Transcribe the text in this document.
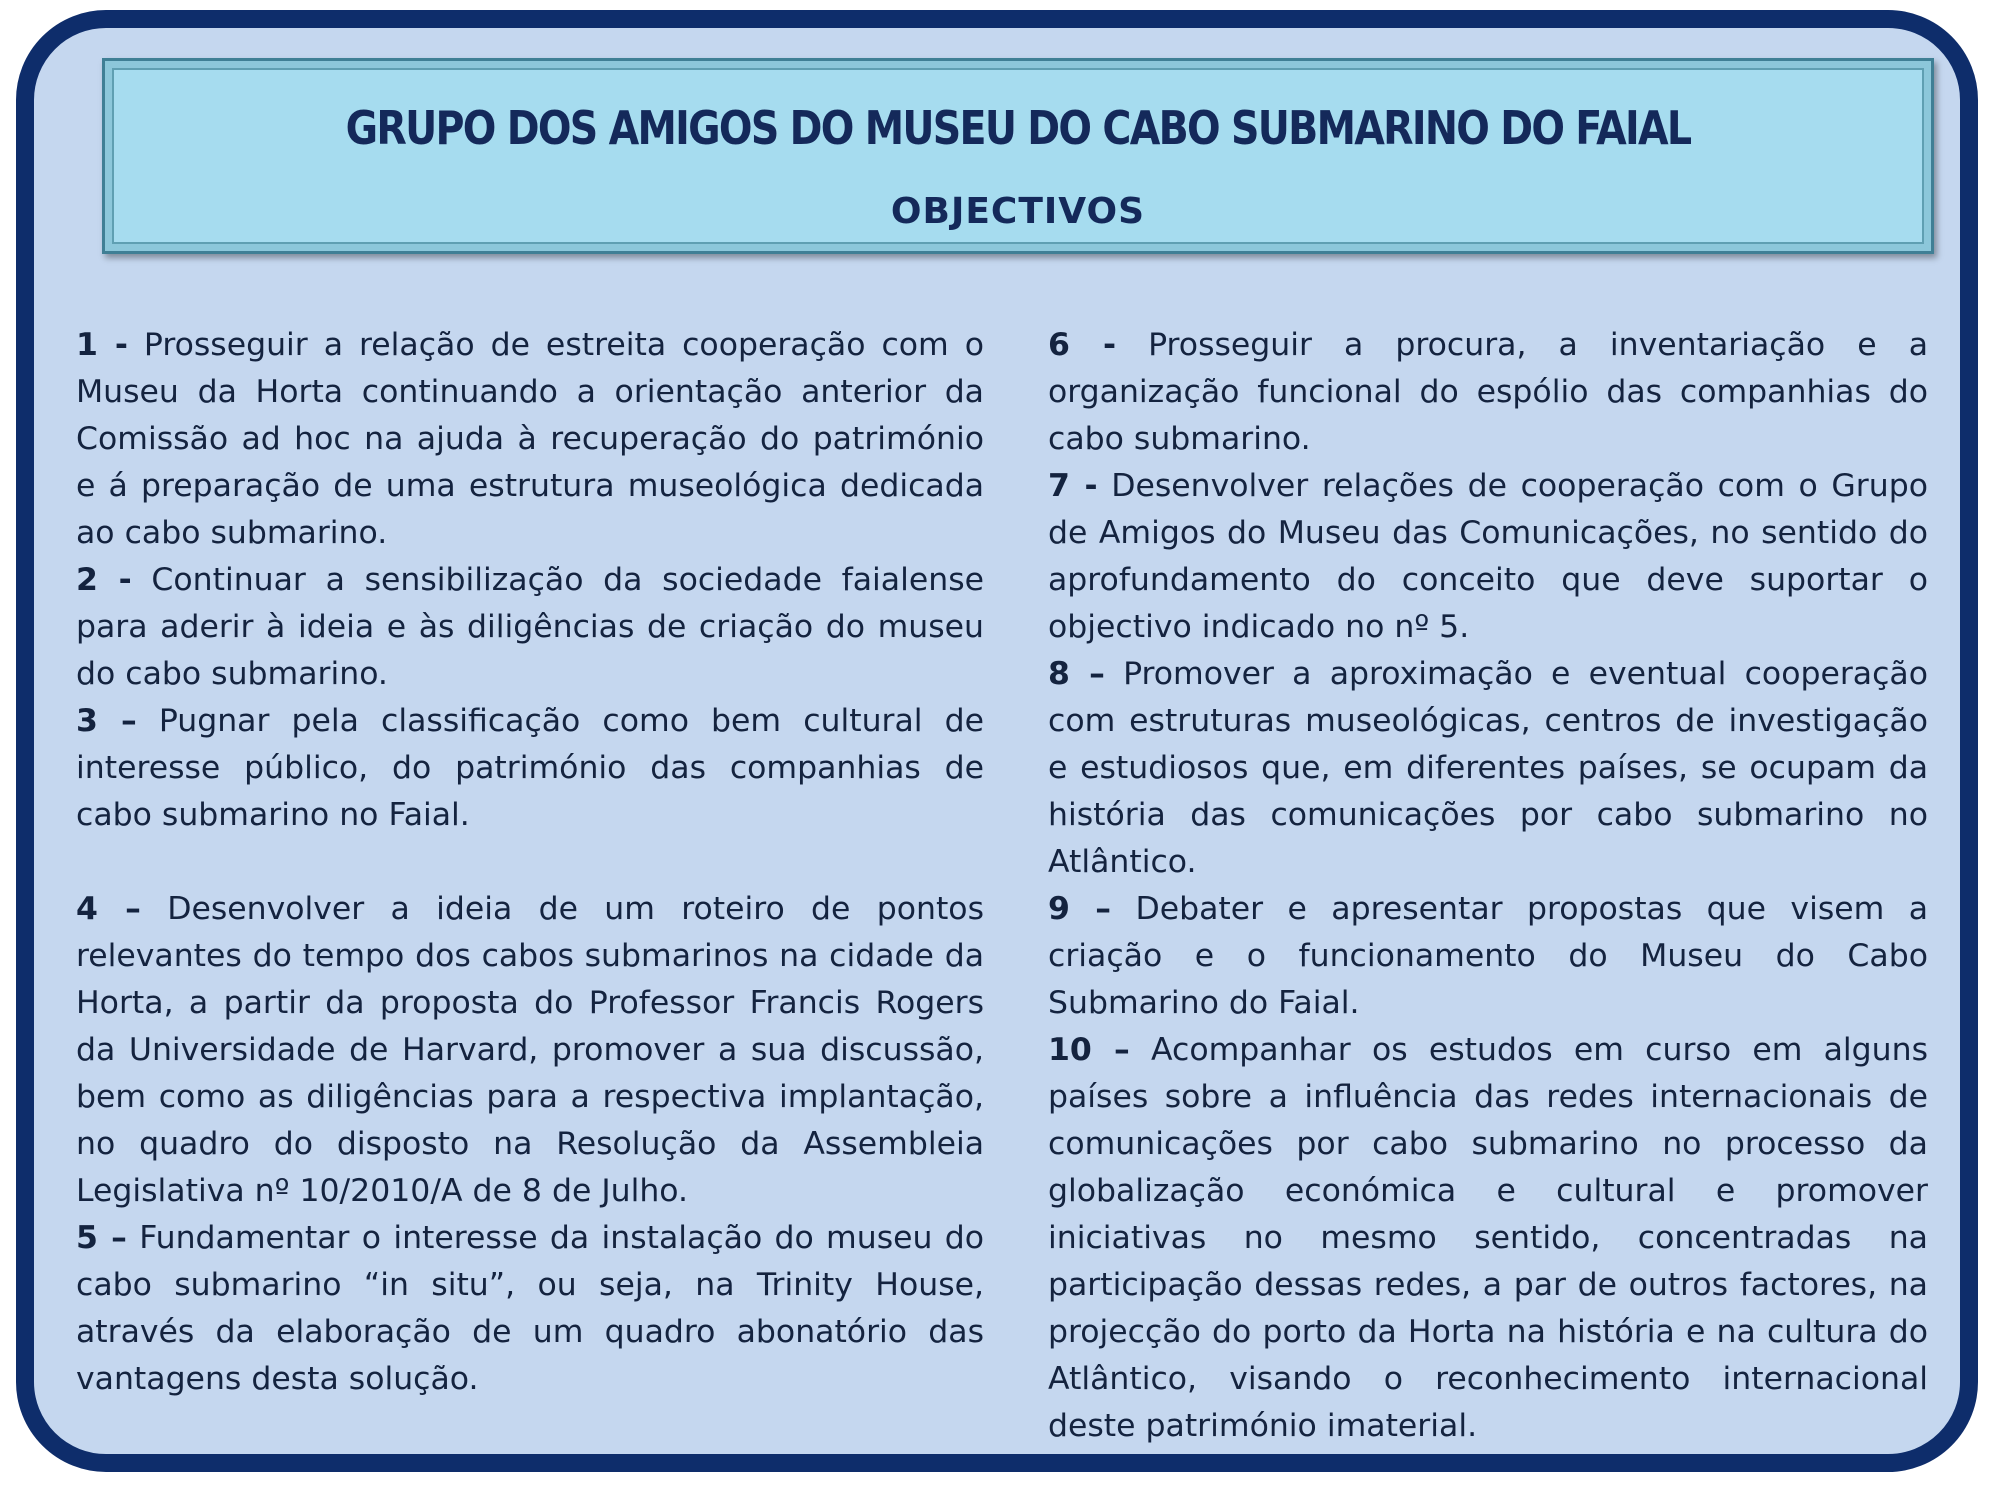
GRUPO DOS AMIGOS DO MUSEU DO CABO SUBMARINO DO FAIAL
OBJECTIVOS

1 - Prosseguir a relação de estreita cooperação com o Museu da Horta continuando a orientação anterior da Comissão ad hoc na ajuda à recuperação do património e á preparação de uma estrutura museológica dedicada ao cabo submarino.

2 - Continuar a sensibilização da sociedade faialense para aderir à ideia e às diligências de criação do museu do cabo submarino.

3 – Pugnar pela classificação como bem cultural de interesse público, do património das companhias de cabo submarino no Faial.

4 – Desenvolver a ideia de um roteiro de pontos relevantes do tempo dos cabos submarinos na cidade da Horta, a partir da proposta do Professor Francis Rogers da Universidade de Harvard, promover a sua discussão, bem como as diligências para a respectiva implantação, no quadro do disposto na Resolução da Assembleia Legislativa nº 10/2010/A de 8 de Julho.

5 – Fundamentar o interesse da instalação do museu do cabo submarino “in situ”, ou seja, na Trinity House, através da elaboração de um quadro abonatório das vantagens desta solução.

6 - Prosseguir a procura, a inventariação e a organização funcional do espólio das companhias do cabo submarino.

7 - Desenvolver relações de cooperação com o Grupo de Amigos do Museu das Comunicações, no sentido do aprofundamento do conceito que deve suportar o objectivo indicado no nº 5.

8 – Promover a aproximação e eventual cooperação com estruturas museológicas, centros de investigação e estudiosos que, em diferentes países, se ocupam da história das comunicações por cabo submarino no Atlântico.

9 – Debater e apresentar propostas que visem a criação e o funcionamento do Museu do Cabo Submarino do Faial.

10 – Acompanhar os estudos em curso em alguns países sobre a influência das redes internacionais de comunicações por cabo submarino no processo da globalização económica e cultural e promover iniciativas no mesmo sentido, concentradas na participação dessas redes, a par de outros factores, na projecção do porto da Horta na história e na cultura do Atlântico, visando o reconhecimento internacional deste património imaterial.
